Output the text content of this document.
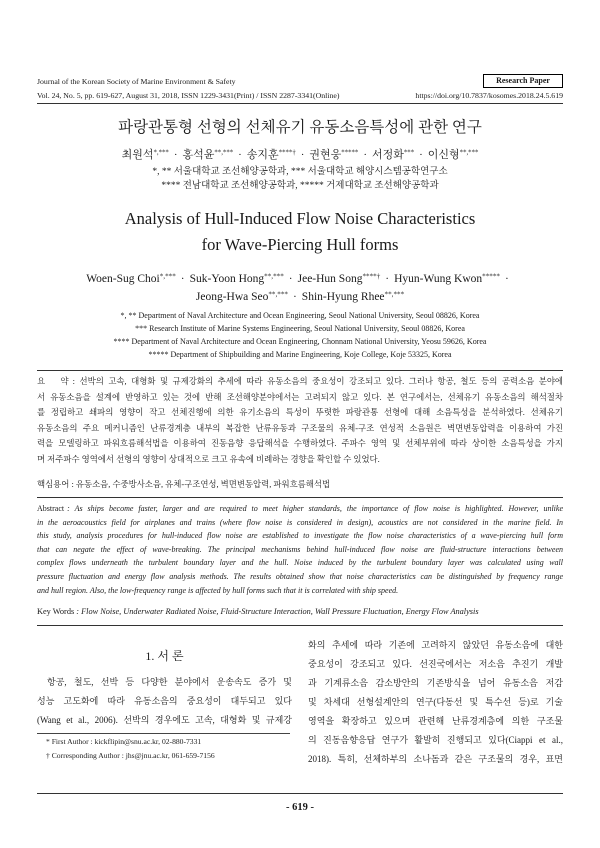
Journal of the Korean Society of Marine Environment & Safety	Research Paper
Vol. 24, No. 5, pp. 619-627, August 31, 2018, ISSN 1229-3431(Print) / ISSN 2287-3341(Online)	https://doi.org/10.7837/kosomes.2018.24.5.619
파랑관통형 선형의 선체유기 유동소음특성에 관한 연구
최원석*,*** · 홍석윤**,*** · 송지훈****† · 권현웅***** · 서정화*** · 이신형**,***
*, ** 서울대학교 조선해양공학과, *** 서울대학교 해양시스템공학연구소
**** 전남대학교 조선해양공학과, ***** 거제대학교 조선해양공학과
Analysis of Hull-Induced Flow Noise Characteristics
for Wave-Piercing Hull forms
Woen-Sug Choi*,*** · Suk-Yoon Hong**,*** · Jee-Hun Song****† · Hyun-Wung Kwon***** ·
Jeong-Hwa Seo**,*** · Shin-Hyung Rhee**,***
*, ** Department of Naval Architecture and Ocean Engineering, Seoul National University, Seoul 08826, Korea
*** Research Institute of Marine Systems Engineering, Seoul National University, Seoul 08826, Korea
**** Department of Naval Architecture and Ocean Engineering, Chonnam National University, Yeosu 59626, Korea
***** Department of Shipbuilding and Marine Engineering, Koje College, Koje 53325, Korea
요 약 : 선박의 고속, 대형화 및 규제강화의 추세에 따라 유동소음의 중요성이 강조되고 있다. 그러나 항공, 철도 등의 공력소음 분야에
서 유동소음을 설계에 반영하고 있는 것에 반해 조선해양분야에서는 고려되지 않고 있다. 본 연구에서는, 선체유기 유동소음의 해석절차
를 정립하고 쇄파의 영향이 작고 선체진행에 의한 유기소음의 특성이 뚜렷한 파랑관통 선형에 대해 소음특성을 분석하였다. 선체유기
유동소음의 주요 메커니즘인 난류경계층 내부의 복잡한 난류유동과 구조물의 유체-구조 연성적 소음원은 벽면변동압력을 이용하여 가진
력을 모델링하고 파워흐름해석법을 이용하여 진동음향 응답해석을 수행하였다. 주파수 영역 및 선체부위에 따라 상이한 소음특성을 가지
며 저주파수 영역에서 선형의 영향이 상대적으로 크고 유속에 비례하는 경향을 확인할 수 있었다.
핵심용어 : 유동소음, 수중방사소음, 유체-구조연성, 벽면변동압력, 파워흐름해석법
Abstract : As ships become faster, larger and are required to meet higher standards, the importance of flow noise is highlighted. However, unlike
in the aeroacoustics field for airplanes and trains (where flow noise is considered in design), acoustics are not considered in the marine field. In
this study, analysis procedures for hull-induced flow noise are established to investigate the flow noise characteristics of a wave-piercing hull form
that can negate the effect of wave-breaking. The principal mechanisms behind hull-induced flow noise are fluid-structure interactions between
complex flows underneath the turbulent boundary layer and the hull. Noise induced by the turbulent boundary layer was calculated using wall
pressure fluctuation and energy flow analysis methods. The results obtained show that noise characteristics can be distinguished by frequency range
and hull region. Also, the low-frequency range is affected by hull forms such that it is correlated with ship speed.
Key Words : Flow Noise, Underwater Radiated Noise, Fluid-Structure Interaction, Wall Pressure Fluctuation, Energy Flow Analysis
1. 서 론
항공, 철도, 선박 등 다양한 분야에서 운송속도 증가 및
성능 고도화에 따라 유동소음의 중요성이 대두되고 있다
(Wang et al., 2006). 선박의 경우에도 고속, 대형화 및 규제강
* First Author : kickflipin@snu.ac.kr, 02-880-7331
† Corresponding Author : jhs@jnu.ac.kr, 061-659-7156
화의 추세에 따라 기존에 고려하지 않았던 유동소음에 대한
중요성이 강조되고 있다. 선진국에서는 저소음 추진기 개발
과 기계류소음 감소방안의 기존방식을 넘어 유동소음 저감
및 차세대 선형설계안의 연구(다동선 및 특수선 등)로 기술
영역을 확장하고 있으며 관련해 난류경계층에 의한 구조물
의 진동음향응답 연구가 활발히 진행되고 있다(Ciappi et al.,
2018). 특히, 선체하부의 소나돔과 같은 구조물의 경우, 표면
- 619 -
